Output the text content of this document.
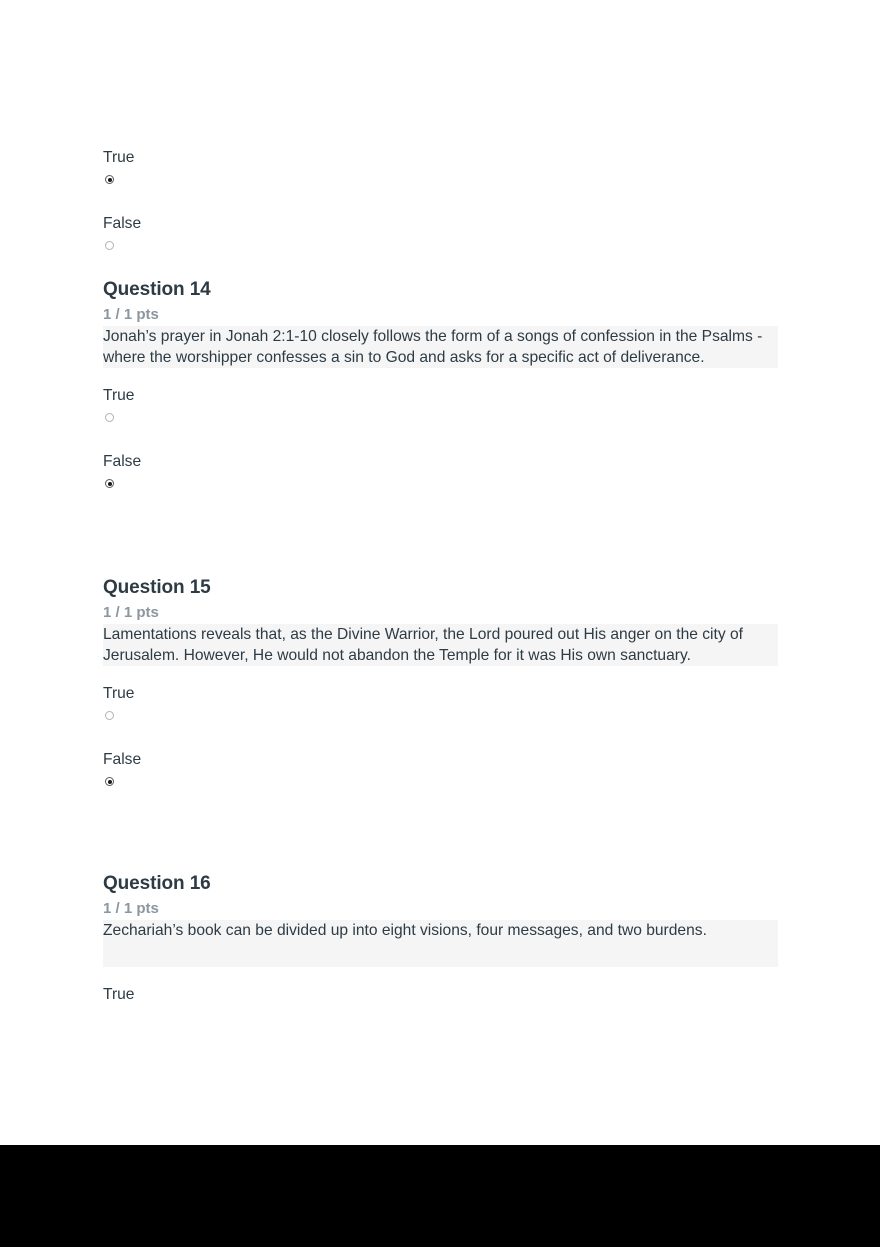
True
False
Question 14
1 / 1 pts
Jonah’s prayer in Jonah 2:1-10 closely follows the form of a songs of confession in the Psalms - where the worshipper confesses a sin to God and asks for a specific act of deliverance.
True
False
Question 15
1 / 1 pts
Lamentations reveals that, as the Divine Warrior, the Lord poured out His anger on the city of Jerusalem. However, He would not abandon the Temple for it was His own sanctuary.
True
False
Question 16
1 / 1 pts
Zechariah’s book can be divided up into eight visions, four messages, and two burdens.
True
